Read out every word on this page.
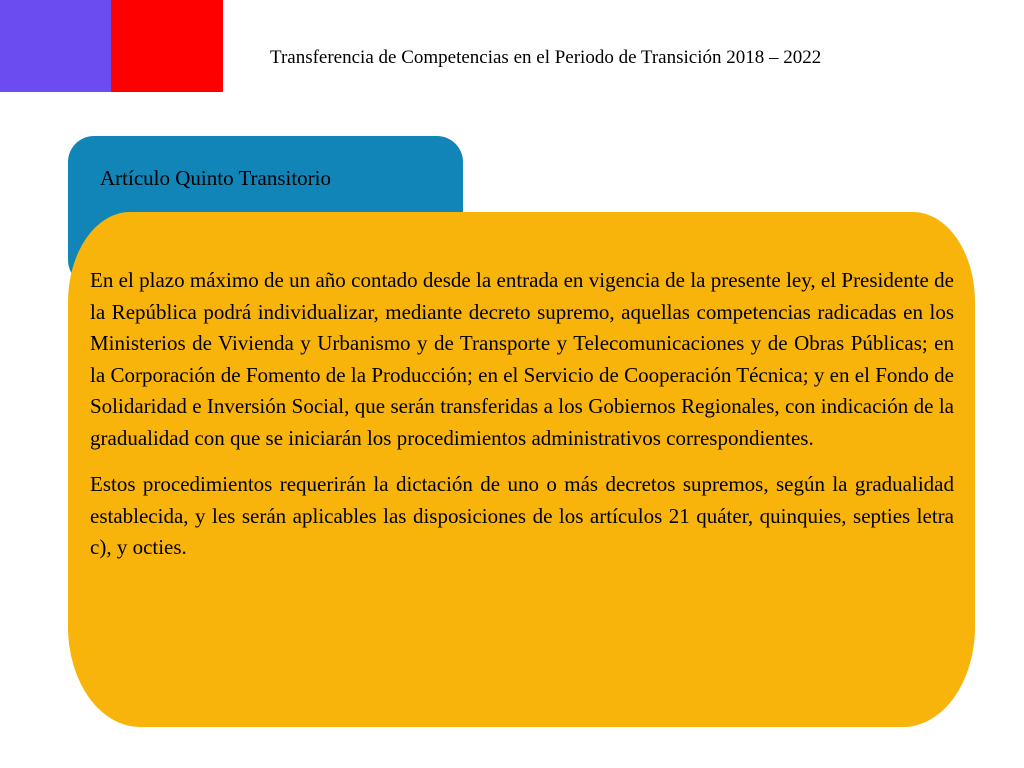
Transferencia de Competencias en el Periodo de Transición 2018 – 2022
Artículo Quinto Transitorio

En el plazo máximo de un año contado desde la entrada en vigencia de la presente ley, el Presidente de la República podrá individualizar, mediante decreto supremo, aquellas competencias radicadas en los Ministerios de Vivienda y Urbanismo y de Transporte y Telecomunicaciones y de Obras Públicas; en la Corporación de Fomento de la Producción; en el Servicio de Cooperación Técnica; y en el Fondo de Solidaridad e Inversión Social, que serán transferidas a los Gobiernos Regionales, con indicación de la gradualidad con que se iniciarán los procedimientos administrativos correspondientes.

Estos procedimientos requerirán la dictación de uno o más decretos supremos, según la gradualidad establecida, y les serán aplicables las disposiciones de los artículos 21 quáter, quinquies, septies letra c), y octies.
